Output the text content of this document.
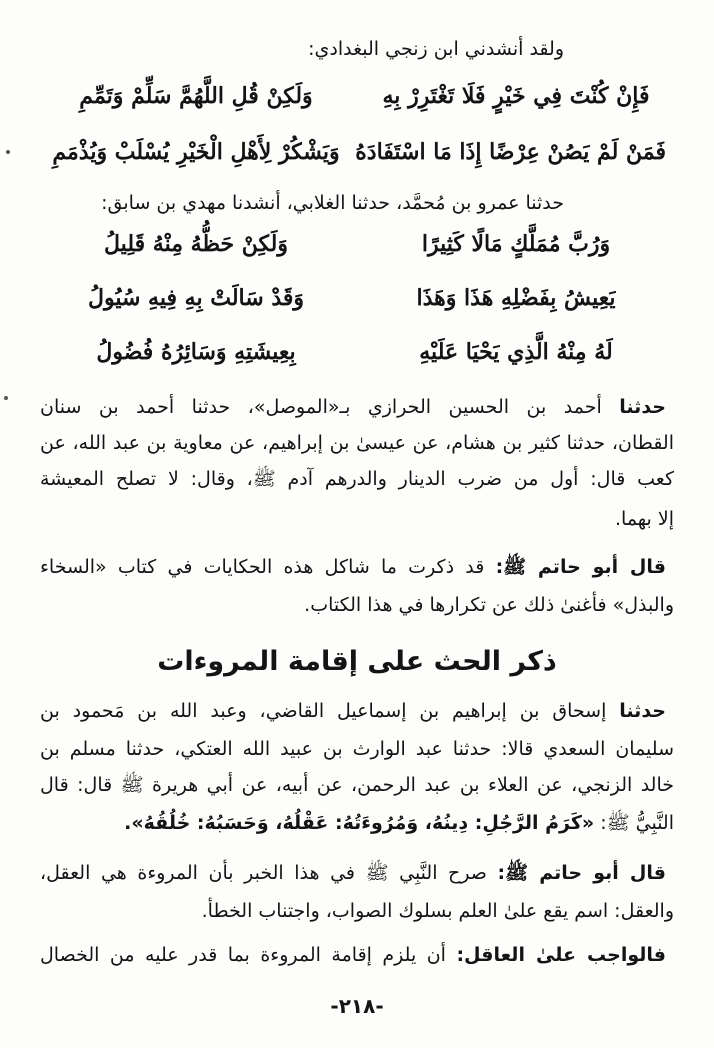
ولقد أنشدني ابن زنجي البغدادي:
فَإِنْ كُنْتَ فِي خَيْرٍ فَلَا تَغْتَرِرْ بِهِ
وَلَكِنْ قُلِ اللَّهُمَّ سَلِّمْ وَتَمِّمِ
فَمَنْ لَمْ يَصُنْ عِرْضًا إِذَا مَا اسْتَفَادَهُ
وَيَشْكُرْ لِأَهْلِ الْخَيْرِ يُسْلَبْ وَيُذْمَمِ
حدثنا عمرو بن مُحمَّد، حدثنا الغلابي، أنشدنا مهدي بن سابق:
وَرُبَّ مُمَلَّكٍ مَالًا كَثِيرًا
وَلَكِنْ حَظُّهُ مِنْهُ قَلِيلُ
يَعِيشُ بِفَضْلِهِ هَذَا وَهَذَا
وَقَدْ سَالَتْ بِهِ فِيهِ سُيُولُ
لَهُ مِنْهُ الَّذِي يَحْيَا عَلَيْهِ
بِعِيشَتِهِ وَسَائِرُهُ فُضُولُ
حدثنا أحمد بن الحسين الحرازي بـ«الموصل»، حدثنا أحمد بن سنان
القطان، حدثنا كثير بن هشام، عن عيسىٰ بن إبراهيم، عن معاوية بن عبد الله، عن
كعب قال: أول من ضرب الدينار والدرهم آدم ﷺ، وقال: لا تصلح المعيشة
إلا بهما.
قال أبو حاتم ﷺ: قد ذكرت ما شاكل هذه الحكايات في كتاب «السخاء
والبذل» فأغنىٰ ذلك عن تكرارها في هذا الكتاب.
ذكر الحث على إقامة المروءات
حدثنا إسحاق بن إبراهيم بن إسماعيل القاضي، وعبد الله بن مَحمود بن
سليمان السعدي قالا: حدثنا عبد الوارث بن عبيد الله العتكي، حدثنا مسلم بن
خالد الزنجي، عن العلاء بن عبد الرحمن، عن أبيه، عن أبي هريرة ﷺ قال: قال
النَّبِيُّ ﷺ: «كَرَمُ الرَّجُلِ: دِينُهُ، وَمُرُوءَتُهُ: عَقْلُهُ، وَحَسَبُهُ: خُلُقُهُ».
قال أبو حاتم ﷺ: صرح النَّبِي ﷺ في هذا الخبر بأن المروءة هي العقل،
والعقل: اسم يقع علىٰ العلم بسلوك الصواب، واجتناب الخطأ.
فالواجب علىٰ العاقل: أن يلزم إقامة المروءة بما قدر عليه من الخصال
-٢١٨-
